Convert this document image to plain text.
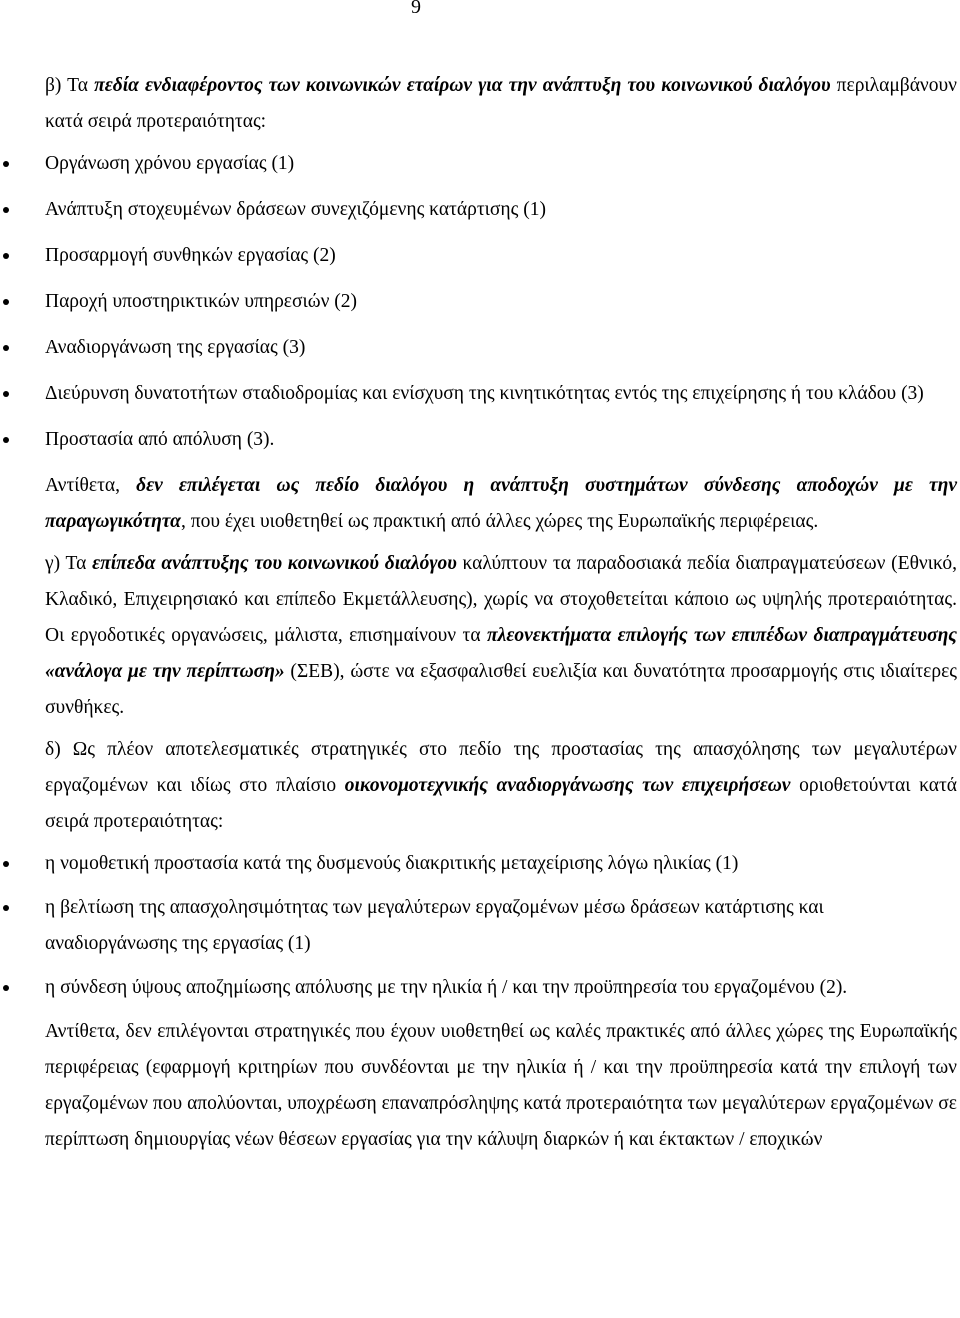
9
β) Τα πεδία ενδιαφέροντος των κοινωνικών εταίρων για την ανάπτυξη του κοινωνικού διαλόγου περιλαμβάνουν κατά σειρά προτεραιότητας:
Οργάνωση χρόνου εργασίας (1)
Ανάπτυξη στοχευμένων δράσεων συνεχιζόμενης κατάρτισης (1)
Προσαρμογή συνθηκών εργασίας (2)
Παροχή υποστηρικτικών υπηρεσιών (2)
Αναδιοργάνωση της εργασίας (3)
Διεύρυνση δυνατοτήτων σταδιοδρομίας και ενίσχυση της κινητικότητας εντός της επιχείρησης ή του κλάδου (3)
Προστασία από απόλυση (3).
Αντίθετα, δεν επιλέγεται ως πεδίο διαλόγου η ανάπτυξη συστημάτων σύνδεσης αποδοχών με την παραγωγικότητα, που έχει υιοθετηθεί ως πρακτική από άλλες χώρες της Ευρωπαϊκής περιφέρειας.
γ) Τα επίπεδα ανάπτυξης του κοινωνικού διαλόγου καλύπτουν τα παραδοσιακά πεδία διαπραγματεύσεων (Εθνικό, Κλαδικό, Επιχειρησιακό και επίπεδο Εκμετάλλευσης), χωρίς να στοχοθετείται κάποιο ως υψηλής προτεραιότητας. Οι εργοδοτικές οργανώσεις, μάλιστα, επισημαίνουν τα πλεονεκτήματα επιλογής των επιπέδων διαπραγμάτευσης «ανάλογα με την περίπτωση» (ΣΕΒ), ώστε να εξασφαλισθεί ευελιξία και δυνατότητα προσαρμογής στις ιδιαίτερες συνθήκες.
δ) Ως πλέον αποτελεσματικές στρατηγικές στο πεδίο της προστασίας της απασχόλησης των μεγαλυτέρων εργαζομένων και ιδίως στο πλαίσιο οικονομοτεχνικής αναδιοργάνωσης των επιχειρήσεων οριοθετούνται κατά σειρά προτεραιότητας:
η νομοθετική προστασία κατά της δυσμενούς διακριτικής μεταχείρισης λόγω ηλικίας (1)
η βελτίωση της απασχολησιμότητας των μεγαλύτερων εργαζομένων μέσω δράσεων κατάρτισης και αναδιοργάνωσης της εργασίας (1)
η σύνδεση ύψους αποζημίωσης απόλυσης με την ηλικία ή / και την προϋπηρεσία του εργαζομένου (2).
Αντίθετα, δεν επιλέγονται στρατηγικές που έχουν υιοθετηθεί ως καλές πρακτικές από άλλες χώρες της Ευρωπαϊκής περιφέρειας (εφαρμογή κριτηρίων που συνδέονται με την ηλικία ή / και την προϋπηρεσία κατά την επιλογή των εργαζομένων που απολύονται, υποχρέωση επαναπρόσληψης κατά προτεραιότητα των μεγαλύτερων εργαζομένων σε περίπτωση δημιουργίας νέων θέσεων εργασίας για την κάλυψη διαρκών ή και έκτακτων / εποχικών
